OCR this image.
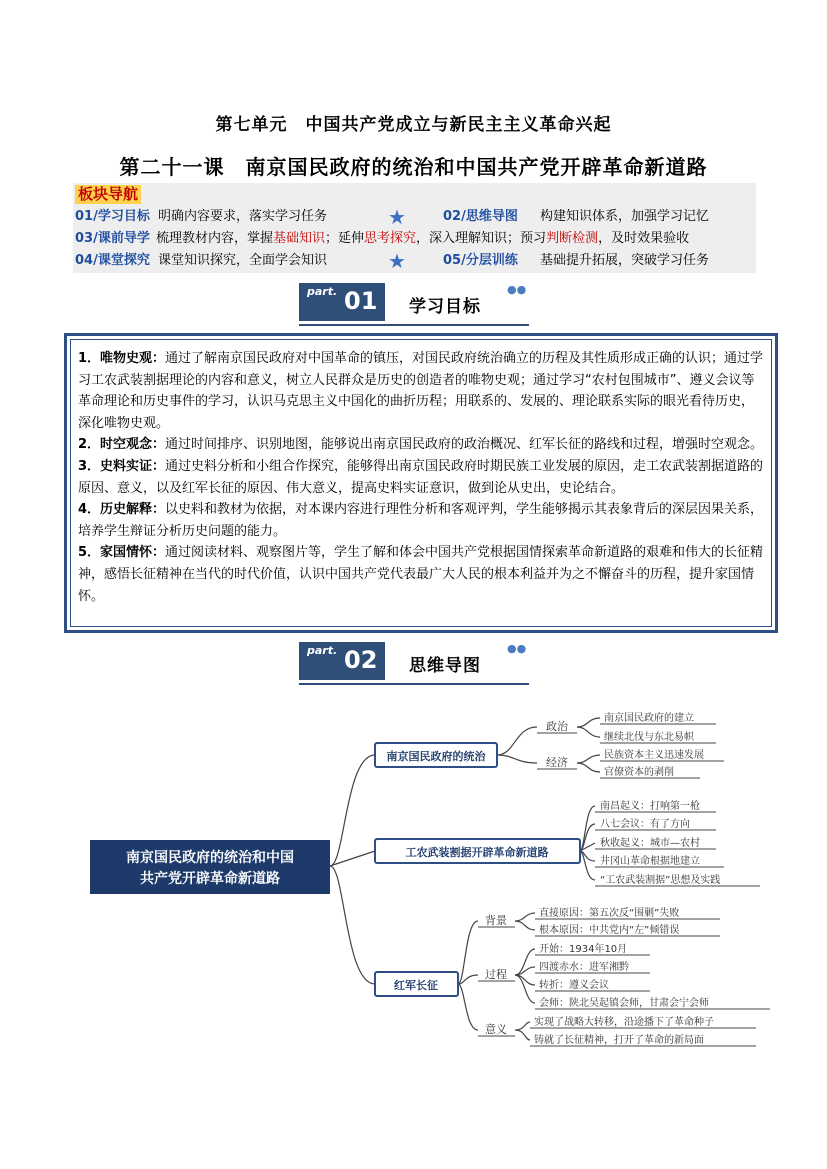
第七单元　中国共产党成立与新民主主义革命兴起
第二十一课　南京国民政府的统治和中国共产党开辟革命新道路
板块导航
01/学习目标 明确内容要求，落实学习任务	★	02/思维导图 构建知识体系，加强学习记忆
03/课前导学 梳理教材内容，掌握基础知识；延伸思考探究，深入理解知识；预习判断检测，及时效果验收
04/课堂探究 课堂知识探究，全面学会知识	★	05/分层训练 基础提升拓展，突破学习任务
part. 01 学习目标
●●

1．唯物史观：通过了解南京国民政府对中国革命的镇压，对国民政府统治确立的历程及其性质形成正确的认识；通过学习工农武装割据理论的内容和意义，树立人民群众是历史的创造者的唯物史观；通过学习“农村包围城市”、遵义会议等革命理论和历史事件的学习，认识马克思主义中国化的曲折历程；用联系的、发展的、理论联系实际的眼光看待历史，深化唯物史观。

2．时空观念：通过时间排序、识别地图，能够说出南京国民政府的政治概况、红军长征的路线和过程，增强时空观念。

3．史料实证：通过史料分析和小组合作探究，能够得出南京国民政府时期民族工业发展的原因，走工农武装割据道路的原因、意义，以及红军长征的原因、伟大意义，提高史料实证意识，做到论从史出，史论结合。

4．历史解释：以史料和教材为依据，对本课内容进行理性分析和客观评判，学生能够揭示其表象背后的深层因果关系，培养学生辩证分析历史问题的能力。

5．家国情怀：通过阅读材料、观察图片等，学生了解和体会中国共产党根据国情探索革命新道路的艰难和伟大的长征精神，感悟长征精神在当代的时代价值，认识中国共产党代表最广大人民的根本利益并为之不懈奋斗的历程，提升家国情怀。

part. 02 思维导图
●●
南京国民政府的统治和中国
共产党开辟革命新道路
南京国民政府的统治
工农武装割据开辟革命新道路
红军长征
政治
经济
背景
过程
意义
南京国民政府的建立
继续北伐与东北易帜
民族资本主义迅速发展
官僚资本的剥削
南昌起义：打响第一枪
八七会议：有了方向
秋收起义：城市—农村
井冈山革命根据地建立
“工农武装割据”思想及实践
直接原因：第五次反“围剿”失败
根本原因：中共党内“左”倾错误
开始：1934年10月
四渡赤水：进军湘黔
转折：遵义会议
会师：陕北吴起镇会师，甘肃会宁会师
实现了战略大转移，沿途播下了革命种子
铸就了长征精神，打开了革命的新局面
